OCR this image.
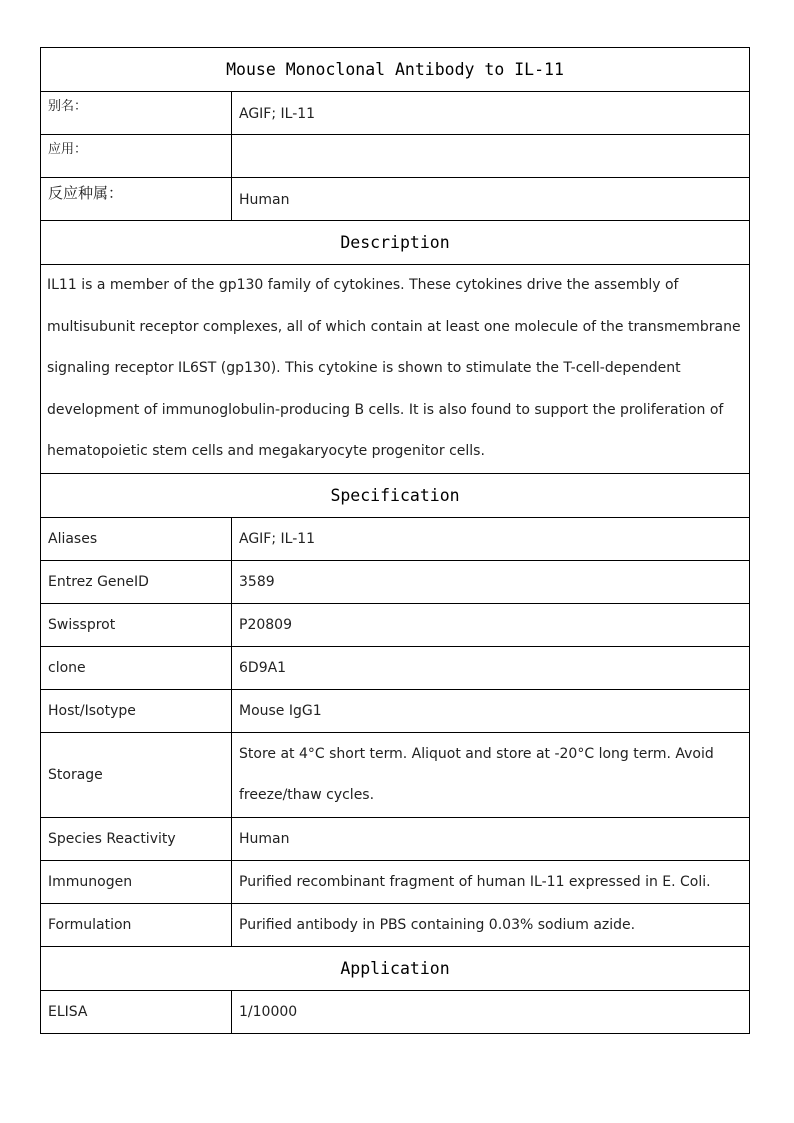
Mouse Monoclonal Antibody to IL-11	
别名：	AGIF; IL-11
应用：	
反应种属：	Human
Description	
IL11 is a member of the gp130 family of cytokines. These cytokines drive the assembly of multisubunit receptor complexes, all of which contain at least one molecule of the transmembrane signaling receptor IL6ST (gp130). This cytokine is shown to stimulate the T-cell-dependent development of immunoglobulin-producing B cells. It is also found to support the proliferation of hematopoietic stem cells and megakaryocyte progenitor cells.	
Specification	
Aliases	AGIF; IL-11
Entrez GeneID	3589
Swissprot	P20809
clone	6D9A1
Host/Isotype	Mouse IgG1
Storage	Store at 4°C short term. Aliquot and store at -20°C long term. Avoid freeze/thaw cycles.
Species Reactivity	Human
Immunogen	Purified recombinant fragment of human IL-11 expressed in E. Coli.
Formulation	Purified antibody in PBS containing 0.03% sodium azide.
Application	
ELISA	1/10000
